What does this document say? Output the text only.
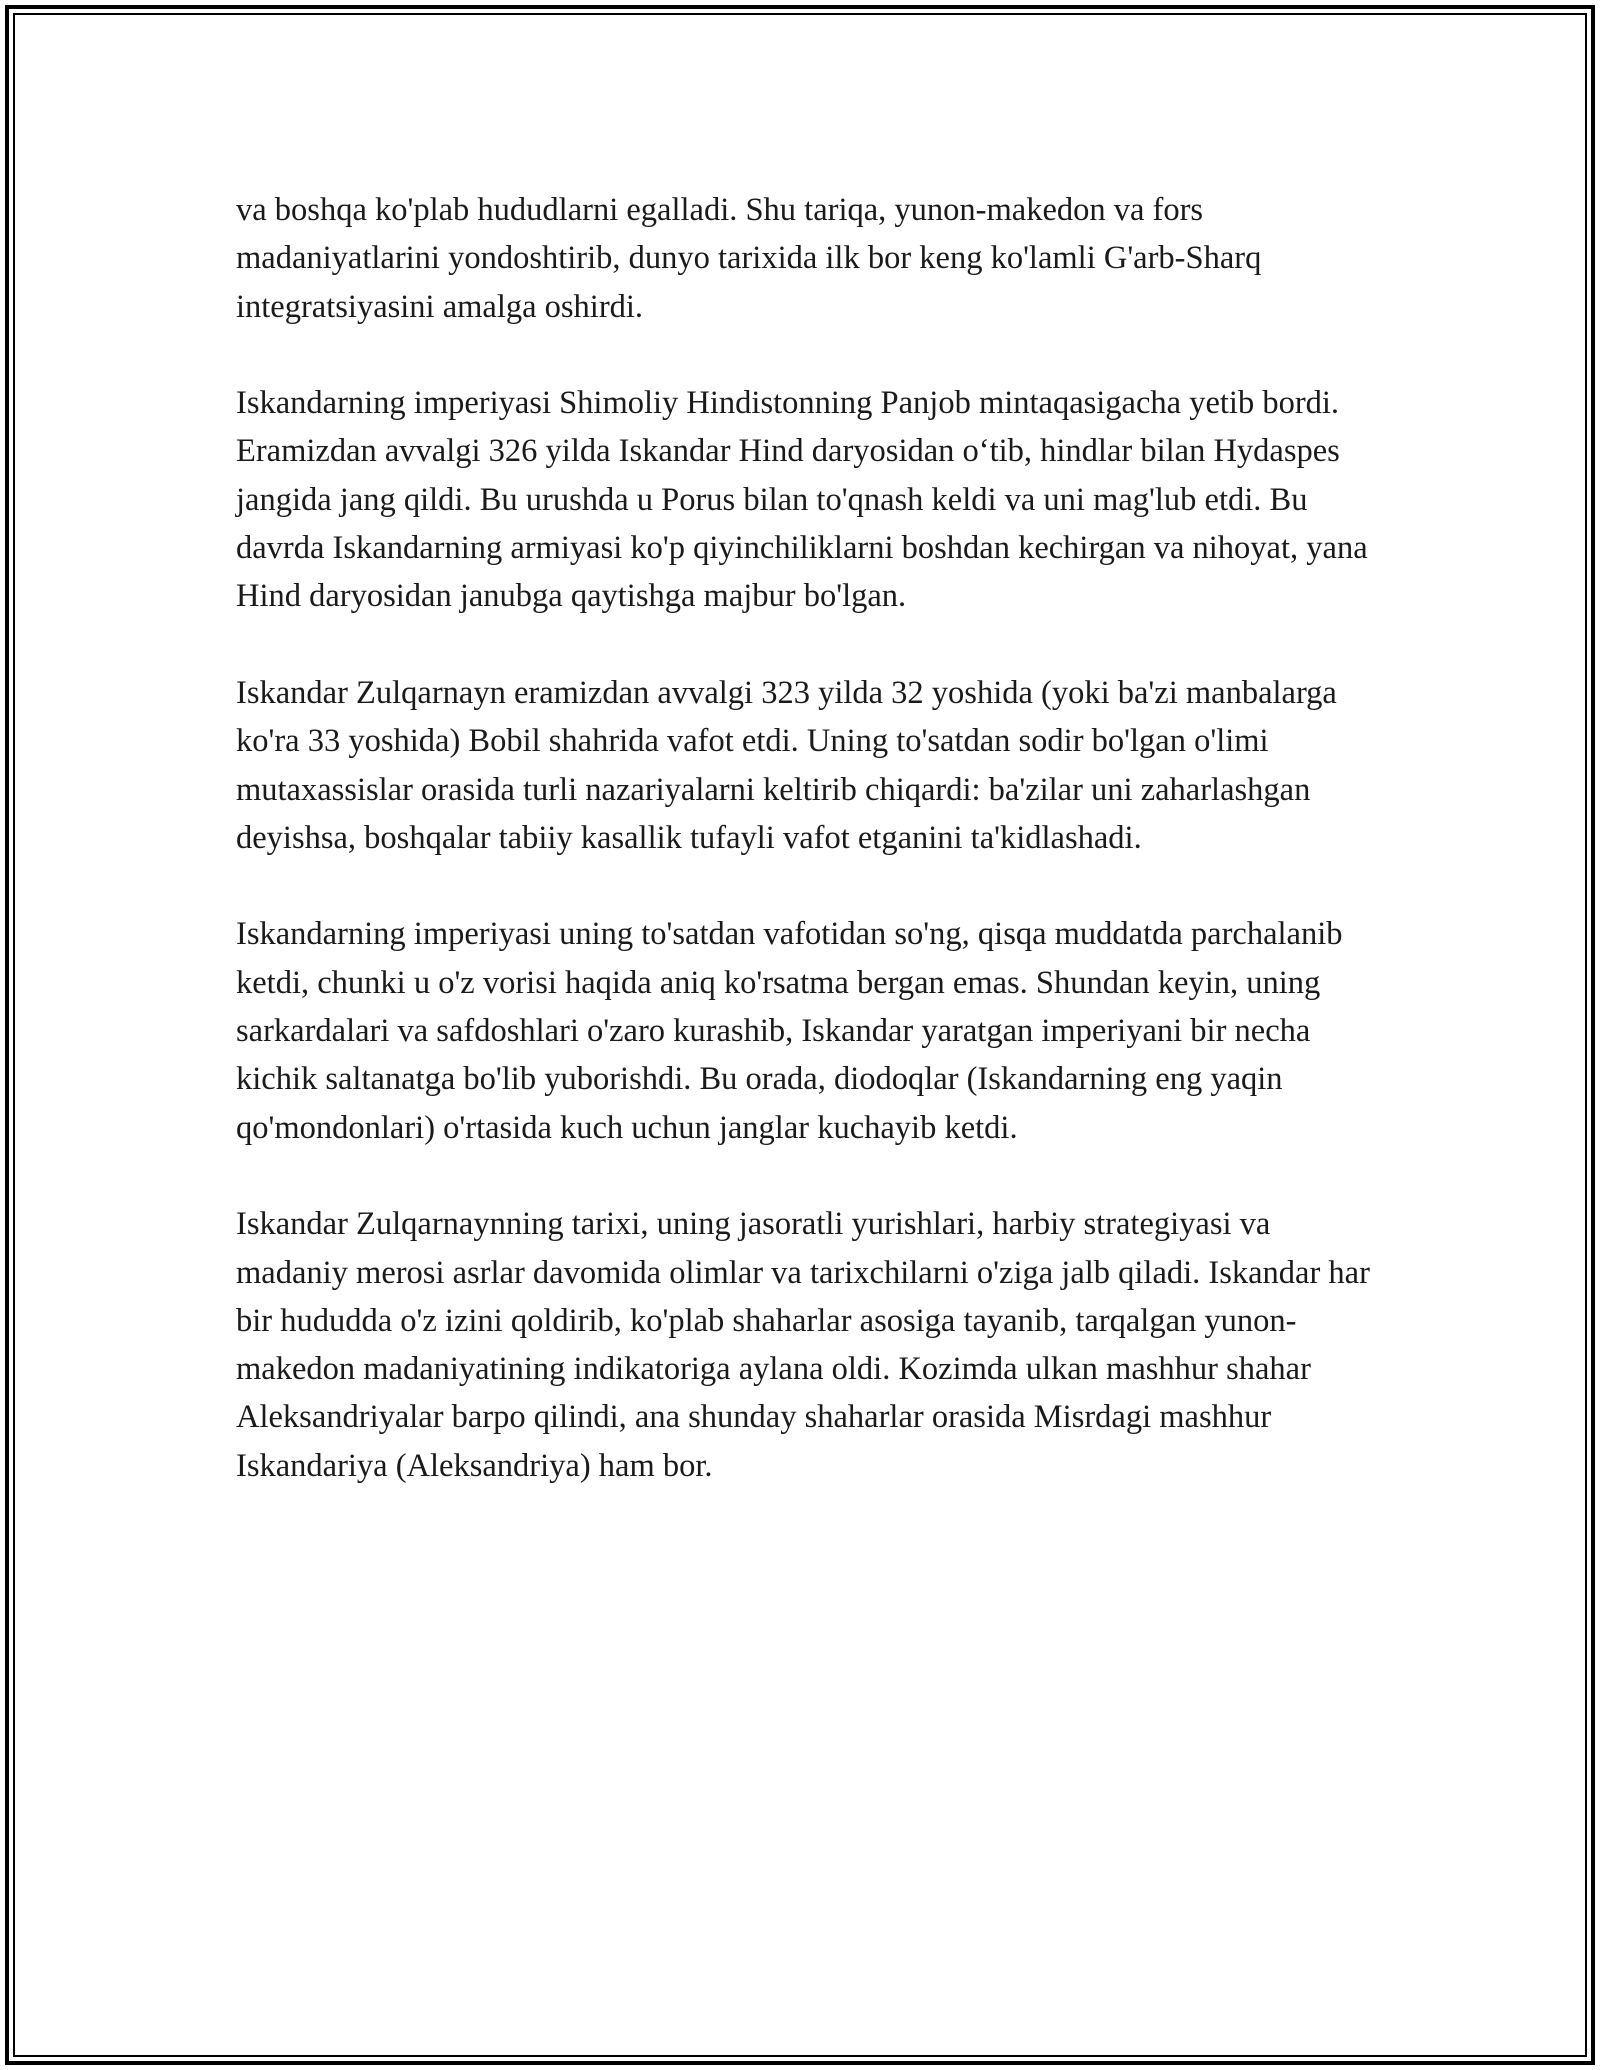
va boshqa ko'plab hududlarni egalladi. Shu tariqa, yunon-makedon va fors madaniyatlarini yondoshtirib, dunyo tarixida ilk bor keng ko'lamli G'arb-Sharq integratsiyasini amalga oshirdi.

Iskandarning imperiyasi Shimoliy Hindistonning Panjob mintaqasigacha yetib bordi. Eramizdan avvalgi 326 yilda Iskandar Hind daryosidan o‘tib, hindlar bilan Hydaspes jangida jang qildi. Bu urushda u Porus bilan to'qnash keldi va uni mag'lub etdi. Bu davrda Iskandarning armiyasi ko'p qiyinchiliklarni boshdan kechirgan va nihoyat, yana Hind daryosidan janubga qaytishga majbur bo'lgan.

Iskandar Zulqarnayn eramizdan avvalgi 323 yilda 32 yoshida (yoki ba'zi manbalarga ko'ra 33 yoshida) Bobil shahrida vafot etdi. Uning to'satdan sodir bo'lgan o'limi mutaxassislar orasida turli nazariyalarni keltirib chiqardi: ba'zilar uni zaharlashgan deyishsa, boshqalar tabiiy kasallik tufayli vafot etganini ta'kidlashadi.

Iskandarning imperiyasi uning to'satdan vafotidan so'ng, qisqa muddatda parchalanib ketdi, chunki u o'z vorisi haqida aniq ko'rsatma bergan emas. Shundan keyin, uning sarkardalari va safdoshlari o'zaro kurashib, Iskandar yaratgan imperiyani bir necha kichik saltanatga bo'lib yuborishdi. Bu orada, diodoqlar (Iskandarning eng yaqin qo'mondonlari) o'rtasida kuch uchun janglar kuchayib ketdi.

Iskandar Zulqarnaynning tarixi, uning jasoratli yurishlari, harbiy strategiyasi va madaniy merosi asrlar davomida olimlar va tarixchilarni o'ziga jalb qiladi. Iskandar har bir hududda o'z izini qoldirib, ko'plab shaharlar asosiga tayanib, tarqalgan yunon-makedon madaniyatining indikatoriga aylana oldi. Kozimda ulkan mashhur shahar Aleksandriyalar barpo qilindi, ana shunday shaharlar orasida Misrdagi mashhur Iskandariya (Aleksandriya) ham bor.
